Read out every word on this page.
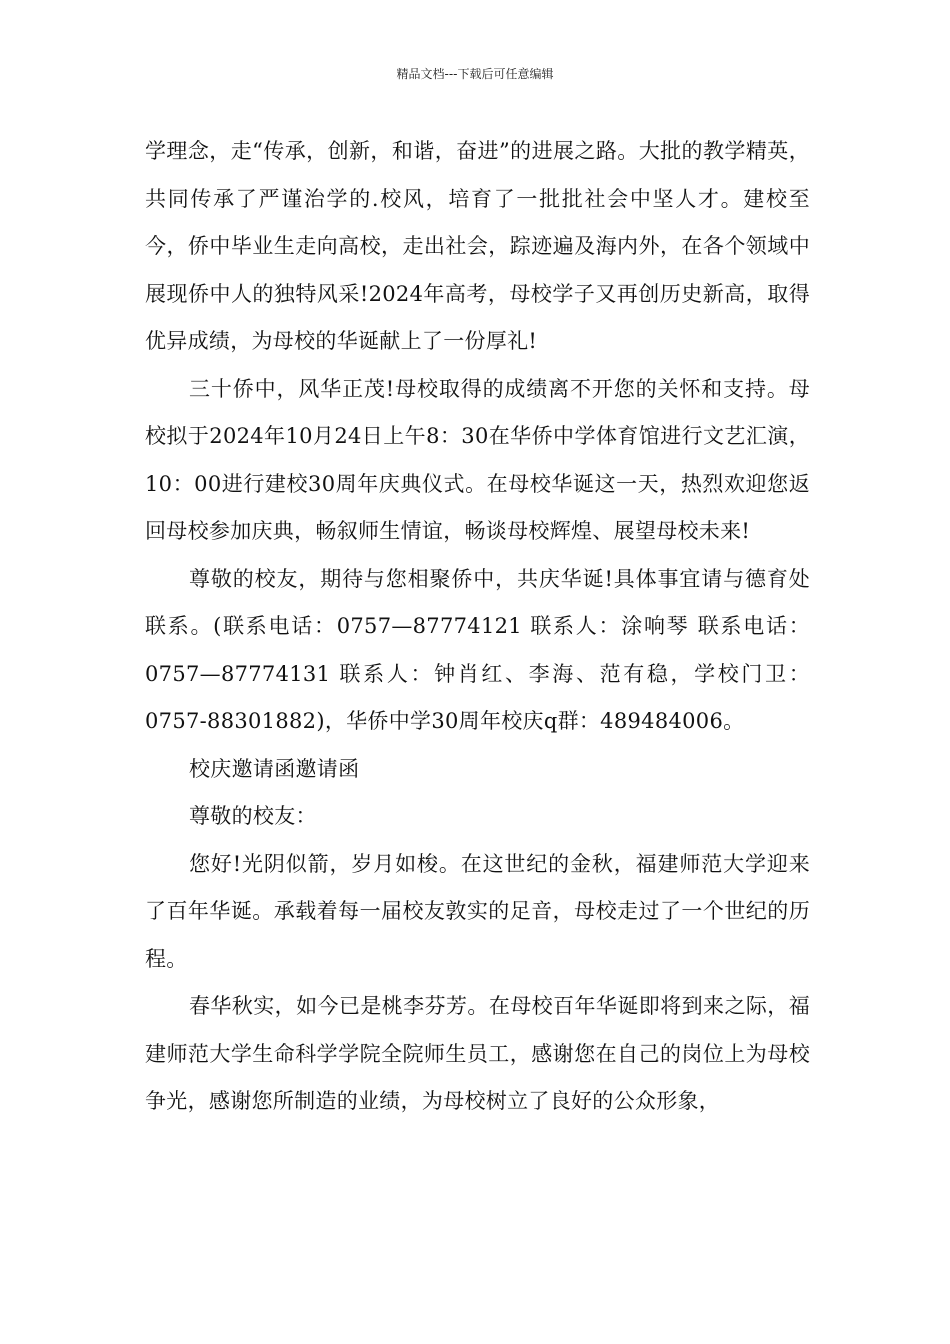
精品文档---下载后可任意编辑

学理念，走“传承，创新，和谐，奋进”的进展之路。大批的教学精英，共同传承了严谨治学的.校风，培育了一批批社会中坚人才。建校至今，侨中毕业生走向高校，走出社会，踪迹遍及海内外，在各个领域中展现侨中人的独特风采!2024年高考，母校学子又再创历史新高，取得优异成绩，为母校的华诞献上了一份厚礼!

三十侨中，风华正茂!母校取得的成绩离不开您的关怀和支持。母校拟于2024年10月24日上午8：30在华侨中学体育馆进行文艺汇演，10：00进行建校30周年庆典仪式。在母校华诞这一天，热烈欢迎您返回母校参加庆典，畅叙师生情谊，畅谈母校辉煌、展望母校未来!

尊敬的校友，期待与您相聚侨中，共庆华诞!具体事宜请与德育处联系。(联系电话：0757—87774121 联系人：涂响琴 联系电话：0757—87774131 联系人：钟肖红、李海、范有稳，学校门卫：0757-88301882)，华侨中学30周年校庆q群：489484006。

校庆邀请函邀请函

尊敬的校友：

您好!光阴似箭，岁月如梭。在这世纪的金秋，福建师范大学迎来了百年华诞。承载着每一届校友敦实的足音，母校走过了一个世纪的历程。

春华秋实，如今已是桃李芬芳。在母校百年华诞即将到来之际，福建师范大学生命科学学院全院师生员工，感谢您在自己的岗位上为母校争光，感谢您所制造的业绩，为母校树立了良好的公众形象，
